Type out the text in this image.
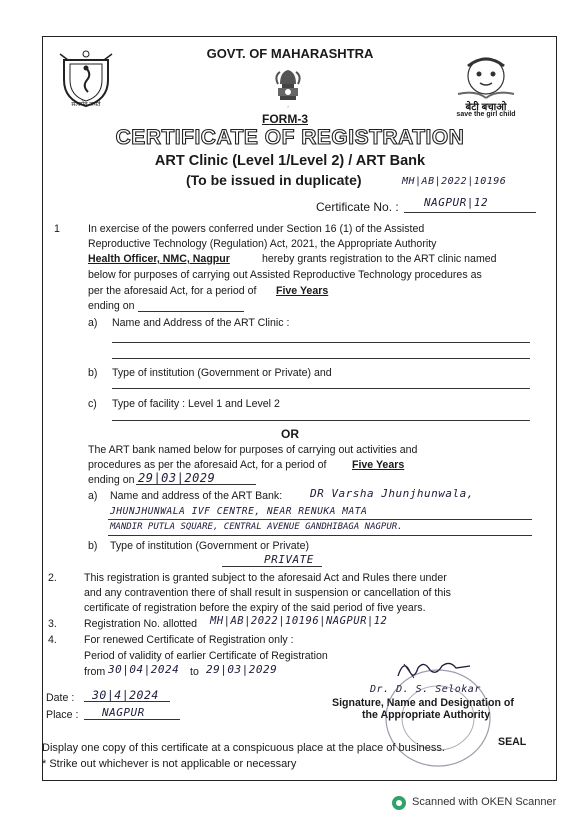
सत्यमेव जयते
ʼ	बेटी बचाओ
save the girl child
GOVT. OF MAHARASHTRA
FORM-3
CERTIFICATE OF REGISTRATION
ART Clinic (Level 1/Level 2) / ART Bank
(To be issued in duplicate)	MH|AB|2022|10196
Certificate No. : NAGPUR|12
1	In exercise of the powers conferred under Section 16 (1) of the Assisted
Reproductive Technology (Regulation) Act, 2021, the Appropriate Authority
Health Officer, NMC, Nagpur	hereby grants registration to the ART clinic named
below for purposes of carrying out Assisted Reproductive Technology procedures as
per the aforesaid Act, for a period of Five Years
ending on
a) Name and Address of the ART Clinic :
b) Type of institution (Government or Private) and
c) Type of facility : Level 1 and Level 2
OR
The ART bank named below for purposes of carrying out activities and
procedures as per the aforesaid Act, for a period of Five Years
ending on 29|03|2029
a) Name and address of the ART Bank:	DR Varsha Jhunjhunwala,
JHUNJHUNWALA IVF CENTRE, NEAR RENUKA MATA
MANDIR PUTLA SQUARE, CENTRAL AVENUE GANDHIBAGA NAGPUR.
b) Type of institution (Government or Private)
PRIVATE
2.	This registration is granted subject to the aforesaid Act and Rules there under
and any contravention there of shall result in suspension or cancellation of this
certificate of registration before the expiry of the said period of five years.
3.	Registration No. allotted MH|AB|2022|10196|NAGPUR|12
4.	For renewed Certificate of Registration only :
Period of validity of earlier Certificate of Registration
from 30|04|2024 to 29|03|2029
Dr. D. S. Selokar
Signature, Name and Designation of
the Appropriate Authority
SEAL
Date : 30|4|2024
Place : NAGPUR
Display one copy of this certificate at a conspicuous place at the place of business.
* Strike out whichever is not applicable or necessary
Scanned with OKEN Scanner
